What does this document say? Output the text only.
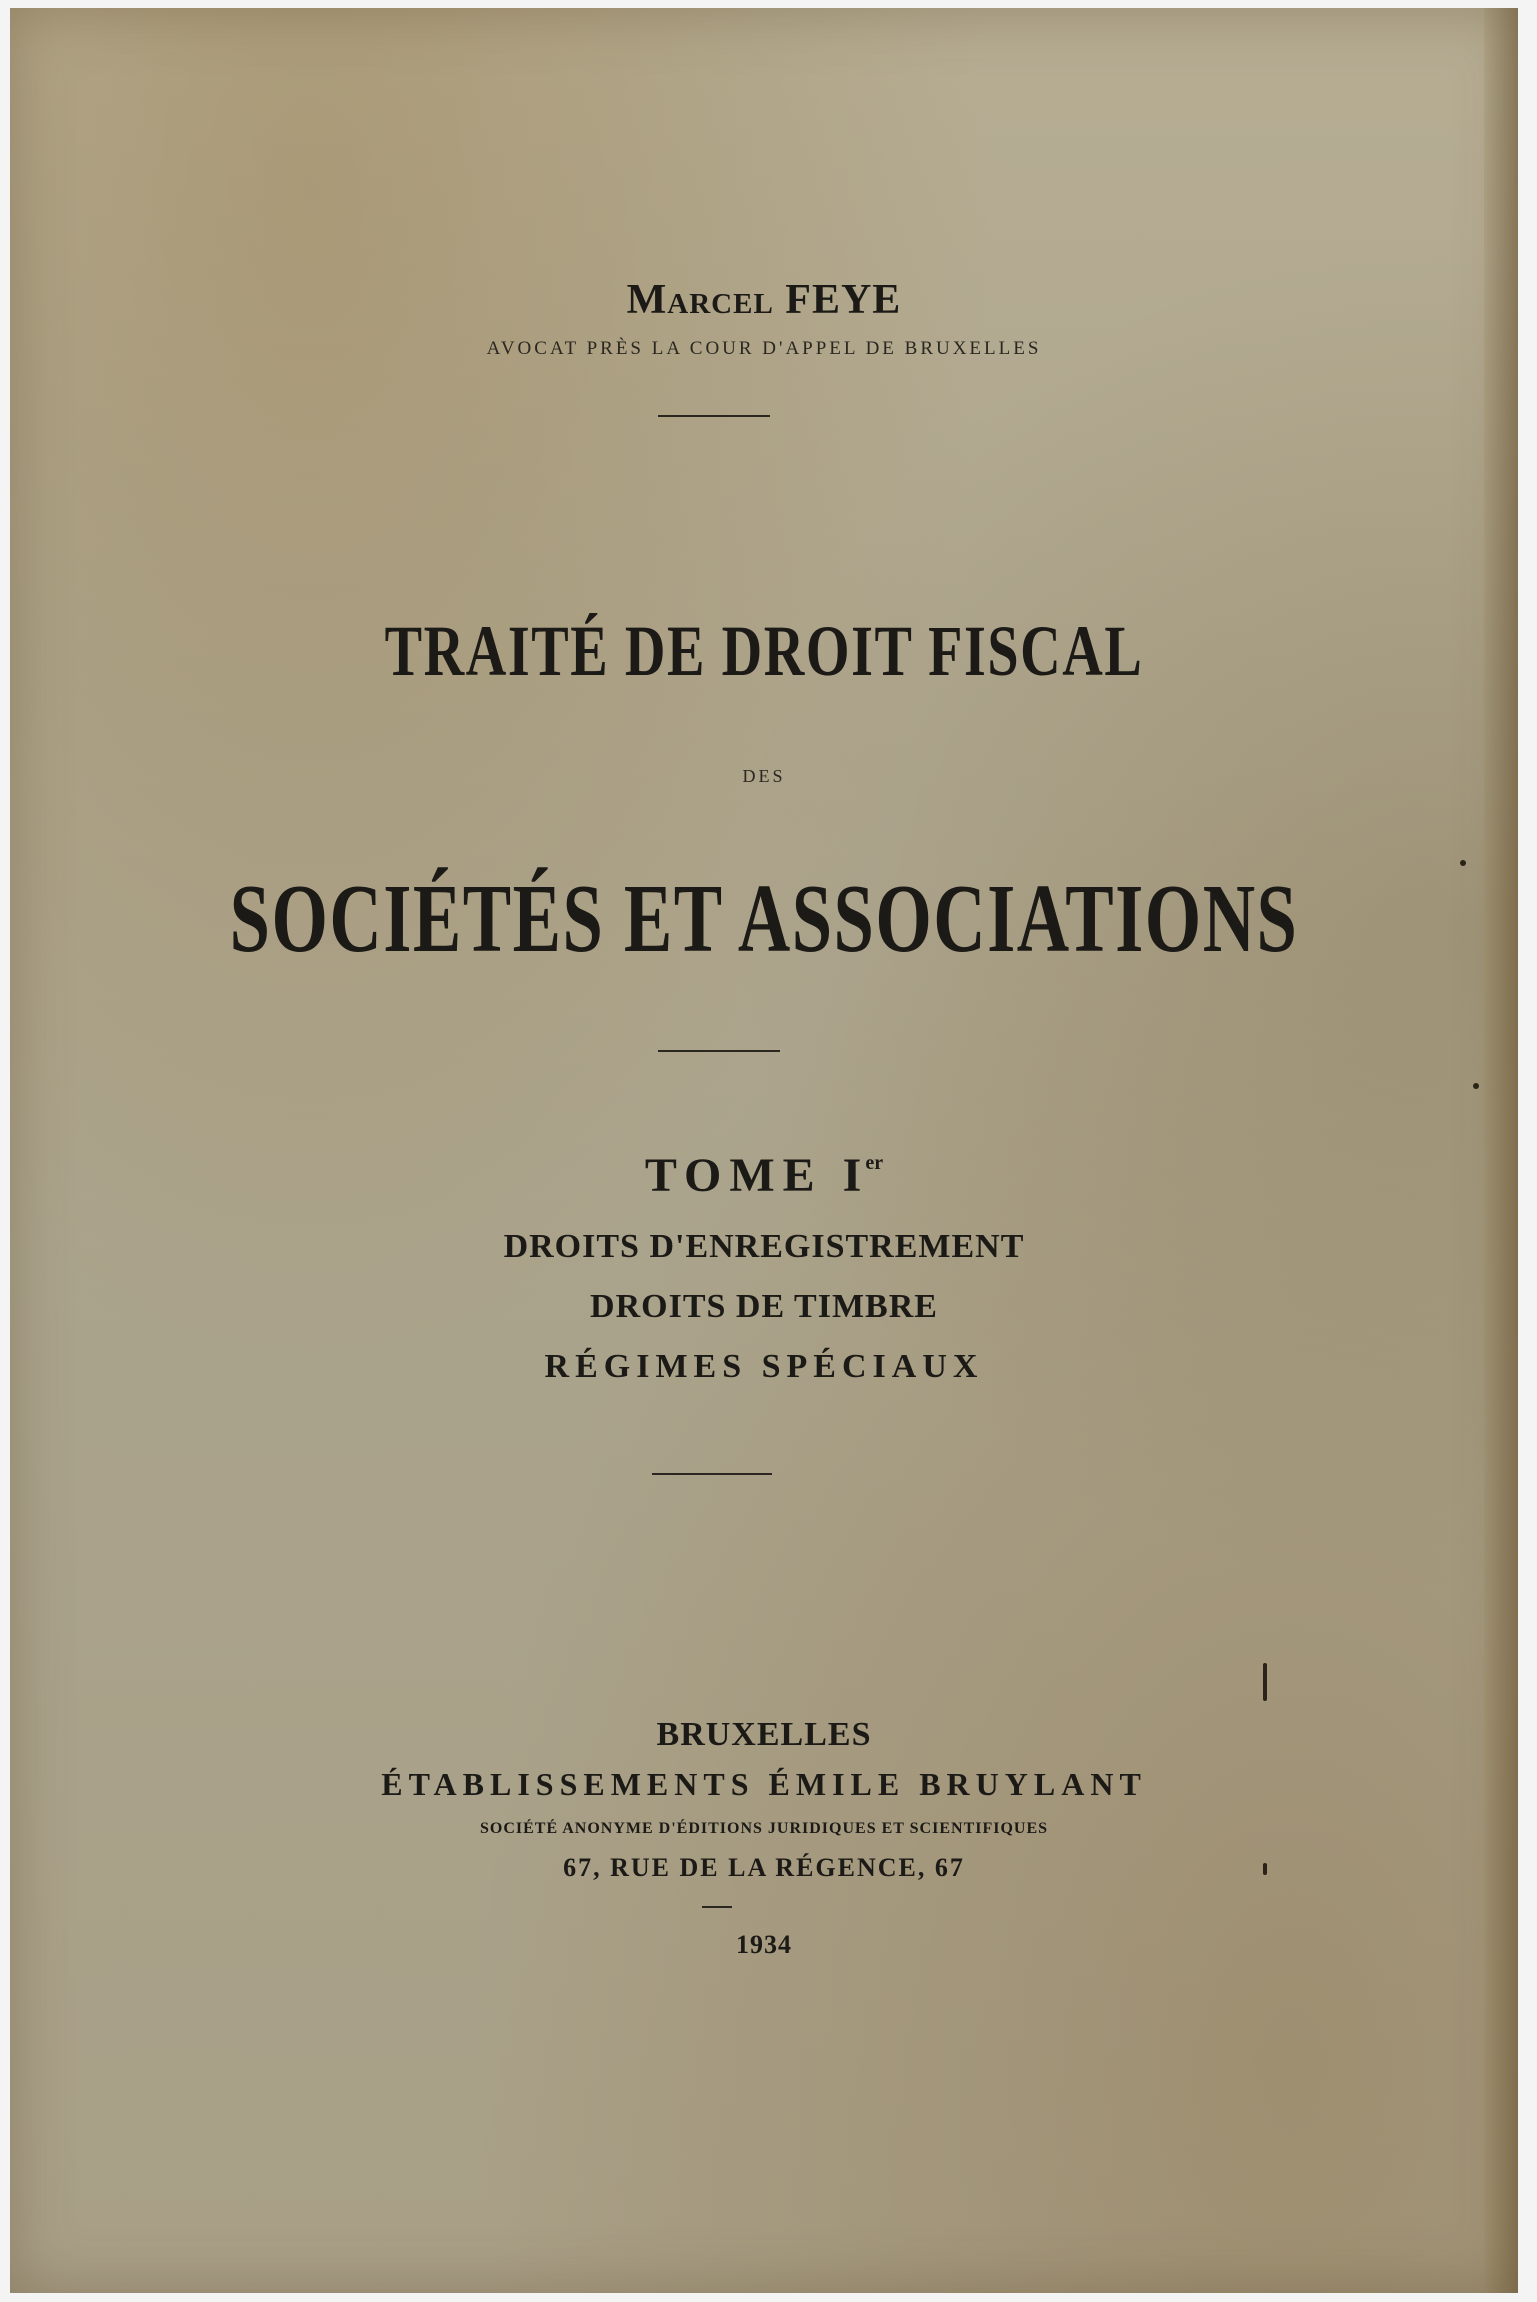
Marcel FEYE
AVOCAT PRÈS LA COUR D'APPEL DE BRUXELLES
TRAITÉ DE DROIT FISCAL
DES
SOCIÉTÉS ET ASSOCIATIONS
TOME Ier
DROITS D'ENREGISTREMENT
DROITS DE TIMBRE
RÉGIMES SPÉCIAUX
BRUXELLES
ÉTABLISSEMENTS ÉMILE BRUYLANT
SOCIÉTÉ ANONYME D'ÉDITIONS JURIDIQUES ET SCIENTIFIQUES
67, RUE DE LA RÉGENCE, 67
1934
